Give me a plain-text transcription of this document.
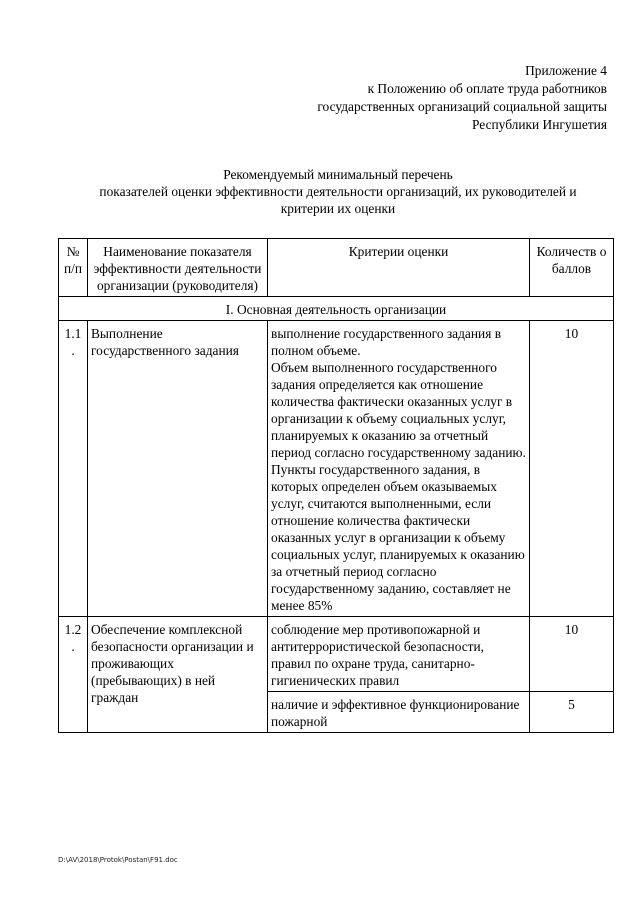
Приложение 4
к Положению об оплате труда работников
государственных организаций социальной защиты
Республики Ингушетия
Рекомендуемый минимальный перечень
показателей оценки эффективности деятельности организаций, их руководителей и
критерии их оценки
№ п/п	Наименование показателя эффективности деятельности организации (руководителя)	Критерии оценки	Количеств о баллов
I. Основная деятельность организации			
1.1 .	Выполнение государственного задания	выполнение государственного задания в полном объеме.
Объем выполненного государственного задания определяется как отношение количества фактически оказанных услуг в организации к объему социальных услуг, планируемых к оказанию за отчетный период согласно государственному заданию.
Пункты государственного задания, в которых определен объем оказываемых услуг, считаются выполненными, если отношение количества фактически оказанных услуг в организации к объему социальных услуг, планируемых к оказанию за отчетный период согласно государственному заданию, составляет не менее 85%	10
1.2 .	Обеспечение комплексной безопасности организации и проживающих (пребывающих) в ней граждан	соблюдение мер противопожарной и антитеррористической безопасности, правил по охране труда, санитарно-гигиенических правил	10
		наличие и эффективное функционирование пожарной	5
D:\AV\2018\Protok\Postan\F91.doc
